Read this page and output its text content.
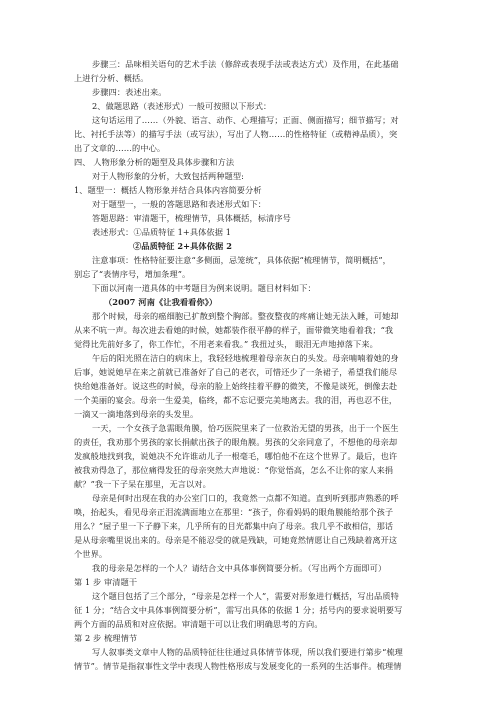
步骤三：品味相关语句的艺术手法（修辞或表现手法或表达方式）及作用，在此基础
上进行分析、概括。
步骤四：表述出来。
2、做题思路（表述形式）一般可按照以下形式：
这句话运用了……（外貌、语言、动作、心理描写；正面、侧面描写；细节描写；对
比、衬托手法等）的描写手法（或写法），写出了人物……的性格特征（或精神品质），突
出了文章的……的中心。
四、 人物形象分析的题型及具体步骤和方法
对于人物形象的分析，大致包括两种题型:
1、题型一：概括人物形象并结合具体内容简要分析
对于题型一，一般的答题思路和表述形式如下：
答题思路：审清题干，梳理情节，具体概括，标清序号
表述形式：①品质特征 1+具体依据 1
②品质特征 2+具体依据 2
注意事项：性格特征要注意“多侧面，忌笼统”，具体依据“梳理情节，简明概括”，
别忘了“表情序号，增加条理”。
下面以河南一道具体的中考题目为例来说明。题目材料如下：
（2007 河南《让我看看你》）
那个时候，母亲的癌细胞已扩散到整个胸部。整夜整夜的疼痛让她无法入睡，可她却
从来不吭一声。每次进去看她的时候，她都装作很平静的样子，面带微笑地看着我；“我
觉得比先前好多了，你工作忙，不用老来看我。” 我扭过头， 眼泪无声地掉落下来。
午后的阳光照在洁白的病床上，我轻轻地梳理着母亲灰白的头发。母亲喃喃着她的身
后事，她说她早在来之前就已准备好了自己的老衣，可惜还少了一条裙子，希望我们能尽
快给她准备好。说这些的时候，母亲的脸上始终挂着平静的微笑，不像是谈死，倒像去赴
一个美丽的宴会。母亲一生爱美，临终，都不忘记要完美地离去。我的泪，再也忍不住，
一滴又一滴地落到母亲的头发里。
一天，一个女孩子急需眼角膜，恰巧医院里来了一位救治无望的男孩，出于一个医生
的责任，我劝那个男孩的家长捐献出孩子的眼角膜。男孩的父亲同意了，不想他的母亲却
发疯般地找到我，说她决不允许谁动儿子一根毫毛，哪怕他不在这个世界了。最后，也许
被我劝得急了，那位痛得发狂的母亲突然大声地说：“你觉悟高，怎么不让你的家人来捐
献？”我一下子呆在那里，无言以对。
母亲是何时出现在我的办公室门口的，我竟然一点都不知道。直到听到那声熟悉的呼
唤，抬起头，看见母亲正泪流满面地立在那里：“孩子，你看妈妈的眼角膜能给那个孩子
用么？”屋子里一下子静下来，几乎所有的目光都集中向了母亲。我几乎不敢相信，那话
是从母亲嘴里说出来的。母亲是不能忍受的就是残缺，可她竟然情愿让自己残缺着离开这
个世界。
我的母亲是怎样的一个人？请结合文中具体事例简要分析。（写出两个方面即可）
第 1 步 审清题干
这个题目包括了三个部分，“母亲是怎样一个人”，需要对形象进行概括，写出品质特
征 1 分；“结合文中具体事例简要分析”，需写出具体的依据 1 分；括号内的要求说明要写
两个方面的品质和对应依据。审清题干可以让我们明确思考的方向。
第 2 步 梳理情节
写人叙事类文章中人物的品质特征往往通过具体情节体现，所以我们要进行第步“梳理
情节”。情节是指叙事性文学中表现人物性格形成与发展变化的一系列的生活事件。梳理情
